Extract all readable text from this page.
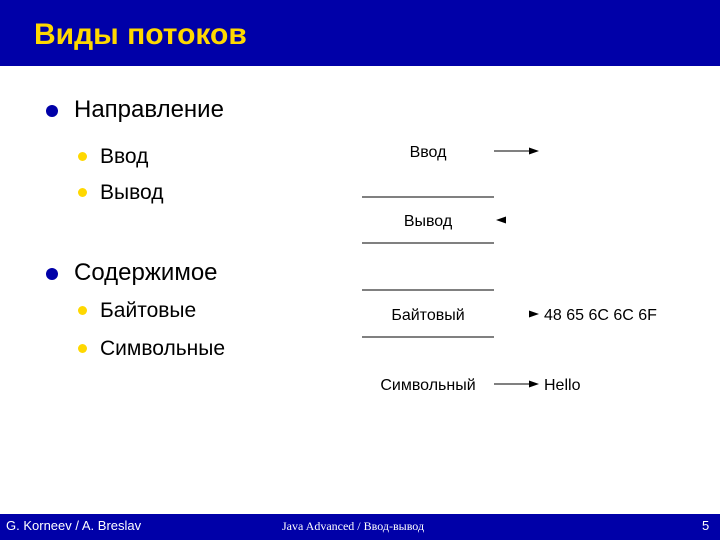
Виды потоков
Направление
Ввод
Вывод
Содержимое
Байтовые
Символьные
Ввод
Вывод
Байтовый	48 65 6C 6C 6F
Символьный	Hello
G. Korneev / A. Breslav	Java Advanced / Ввод-вывод	5
